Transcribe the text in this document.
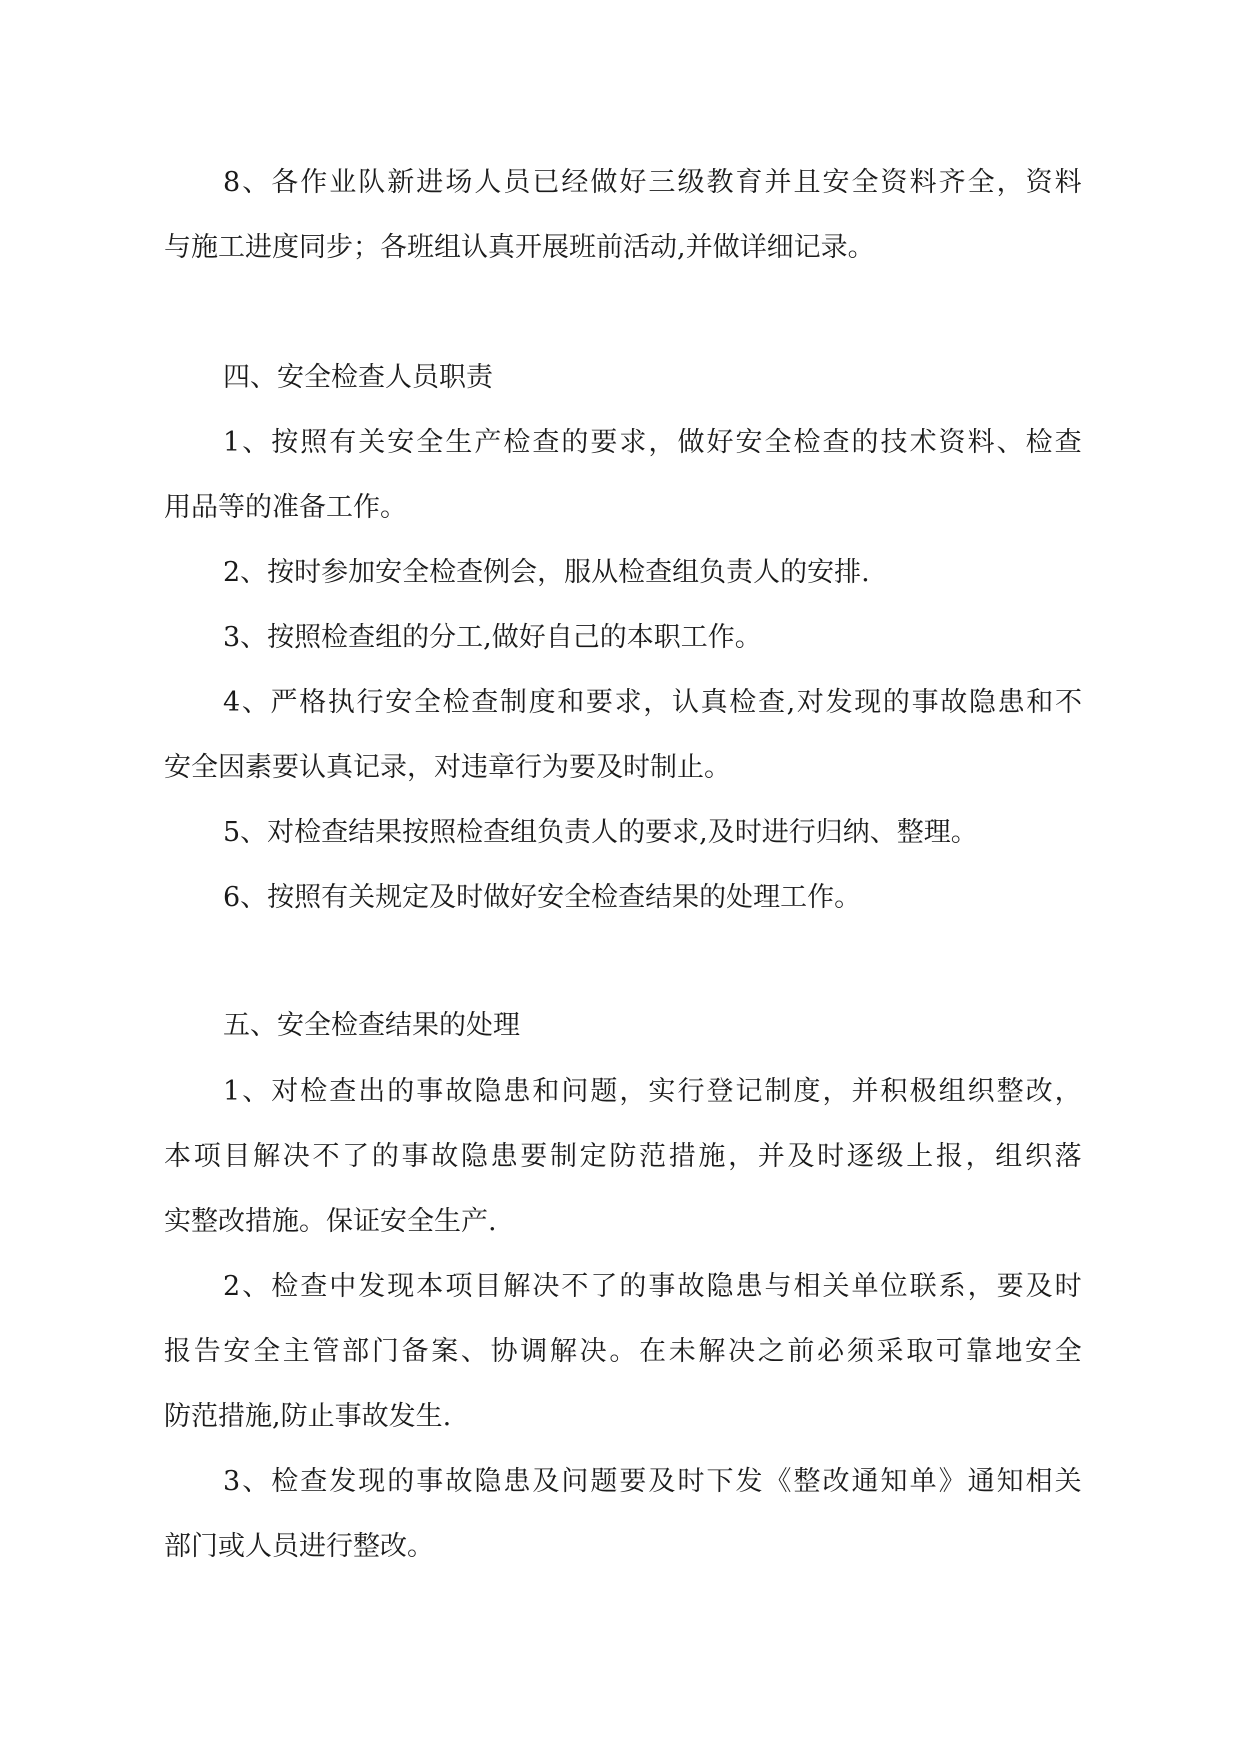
8 、 各 作 业 队 新 进 场 人 员 已 经 做 好 三 级 教 育 并 且 安 全 资 料 齐 全 ， 资 料
与施工进度同步；各班组认真开展班前活动,并做详细记录。
四、安全检查人员职责
1 、 按 照 有 关 安 全 生 产 检 查 的 要 求 ， 做 好 安 全 检 查 的 技 术 资 料 、 检 查
用品等的准备工作。
2、按时参加安全检查例会，服从检查组负责人的安排.
3、按照检查组的分工,做好自己的本职工作。
4 、 严 格 执 行 安 全 检 查 制 度 和 要 求 ， 认 真 检 查 , 对 发 现 的 事 故 隐 患 和 不
安全因素要认真记录，对违章行为要及时制止。
5、对检查结果按照检查组负责人的要求,及时进行归纳、整理。
6、按照有关规定及时做好安全检查结果的处理工作。
五、安全检查结果的处理
1 、 对 检 查 出 的 事 故 隐 患 和 问 题 ， 实 行 登 记 制 度 ， 并 积 极 组 织 整 改 ，
本 项 目 解 决 不 了 的 事 故 隐 患 要 制 定 防 范 措 施 ， 并 及 时 逐 级 上 报 ， 组 织 落
实整改措施。保证安全生产.
2 、 检 查 中 发 现 本 项 目 解 决 不 了 的 事 故 隐 患 与 相 关 单 位 联 系 ， 要 及 时
报 告 安 全 主 管 部 门 备 案 、 协 调 解 决 。 在 未 解 决 之 前 必 须 采 取 可 靠 地 安 全
防范措施,防止事故发生.
3 、 检 查 发 现 的 事 故 隐 患 及 问 题 要 及 时 下 发 《 整 改 通 知 单 》 通 知 相 关
部门或人员进行整改。
